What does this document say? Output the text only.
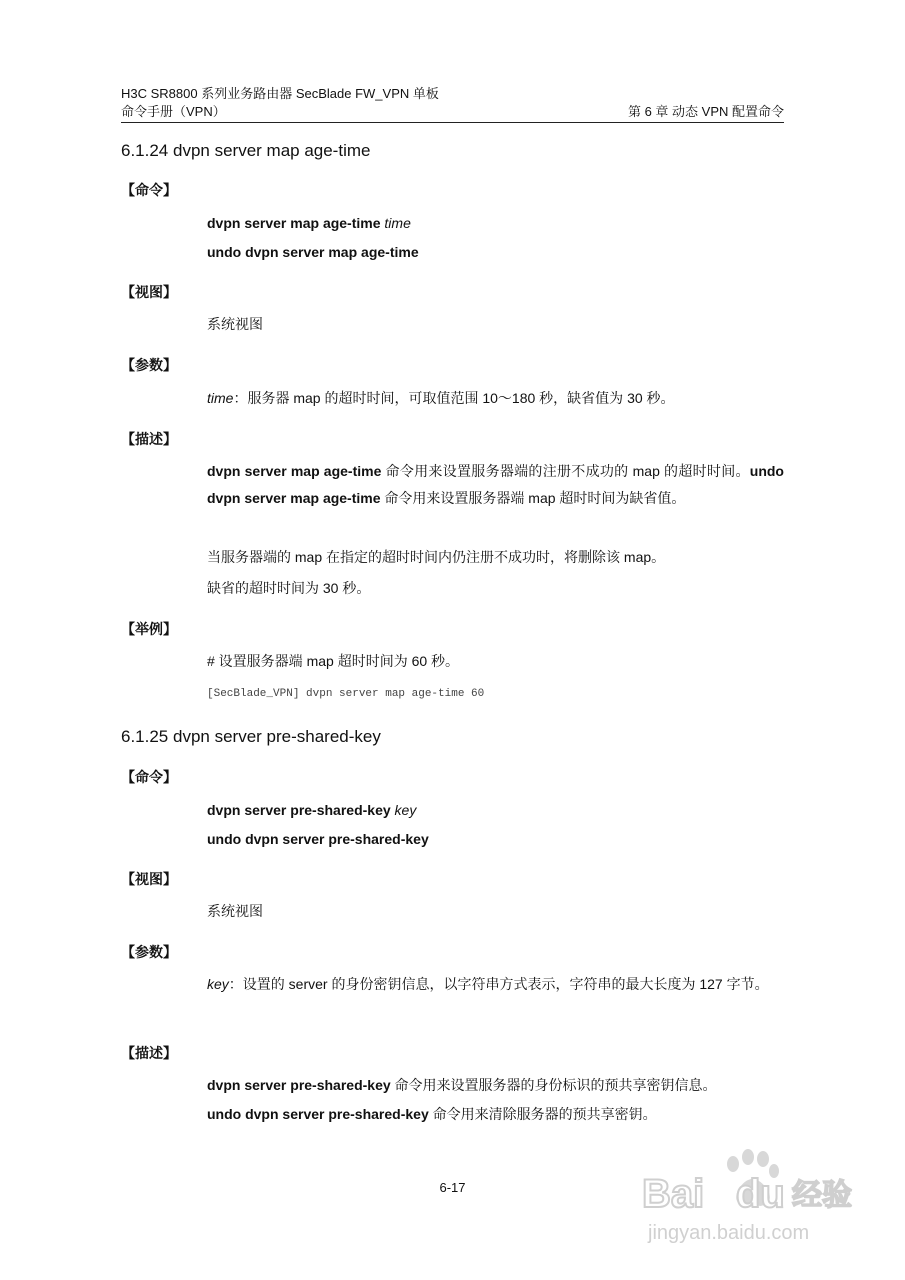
H3C SR8800 系列业务路由器 SecBlade FW_VPN 单板
命令手册（VPN）	第 6 章 动态 VPN 配置命令
6.1.24 dvpn server map age-time
【命令】
dvpn server map age-time time
undo dvpn server map age-time
【视图】
系统视图
【参数】
time：服务器 map 的超时时间，可取值范围 10～180 秒，缺省值为 30 秒。
【描述】
dvpn server map age-time 命令用来设置服务器端的注册不成功的 map 的超时时间。undo dvpn server map age-time 命令用来设置服务器端 map 超时时间为缺省值。
当服务器端的 map 在指定的超时时间内仍注册不成功时，将删除该 map。
缺省的超时时间为 30 秒。
【举例】
# 设置服务器端 map 超时时间为 60 秒。
[SecBlade_VPN] dvpn server map age-time 60
6.1.25 dvpn server pre-shared-key
【命令】
dvpn server pre-shared-key key
undo dvpn server pre-shared-key
【视图】
系统视图
【参数】
key：设置的 server 的身份密钥信息，以字符串方式表示，字符串的最大长度为 127 字节。
【描述】
dvpn server pre-shared-key 命令用来设置服务器的身份标识的预共享密钥信息。
undo dvpn server pre-shared-key 命令用来清除服务器的预共享密钥。
6-17	Bai du 经验
jingyan.baidu.com
